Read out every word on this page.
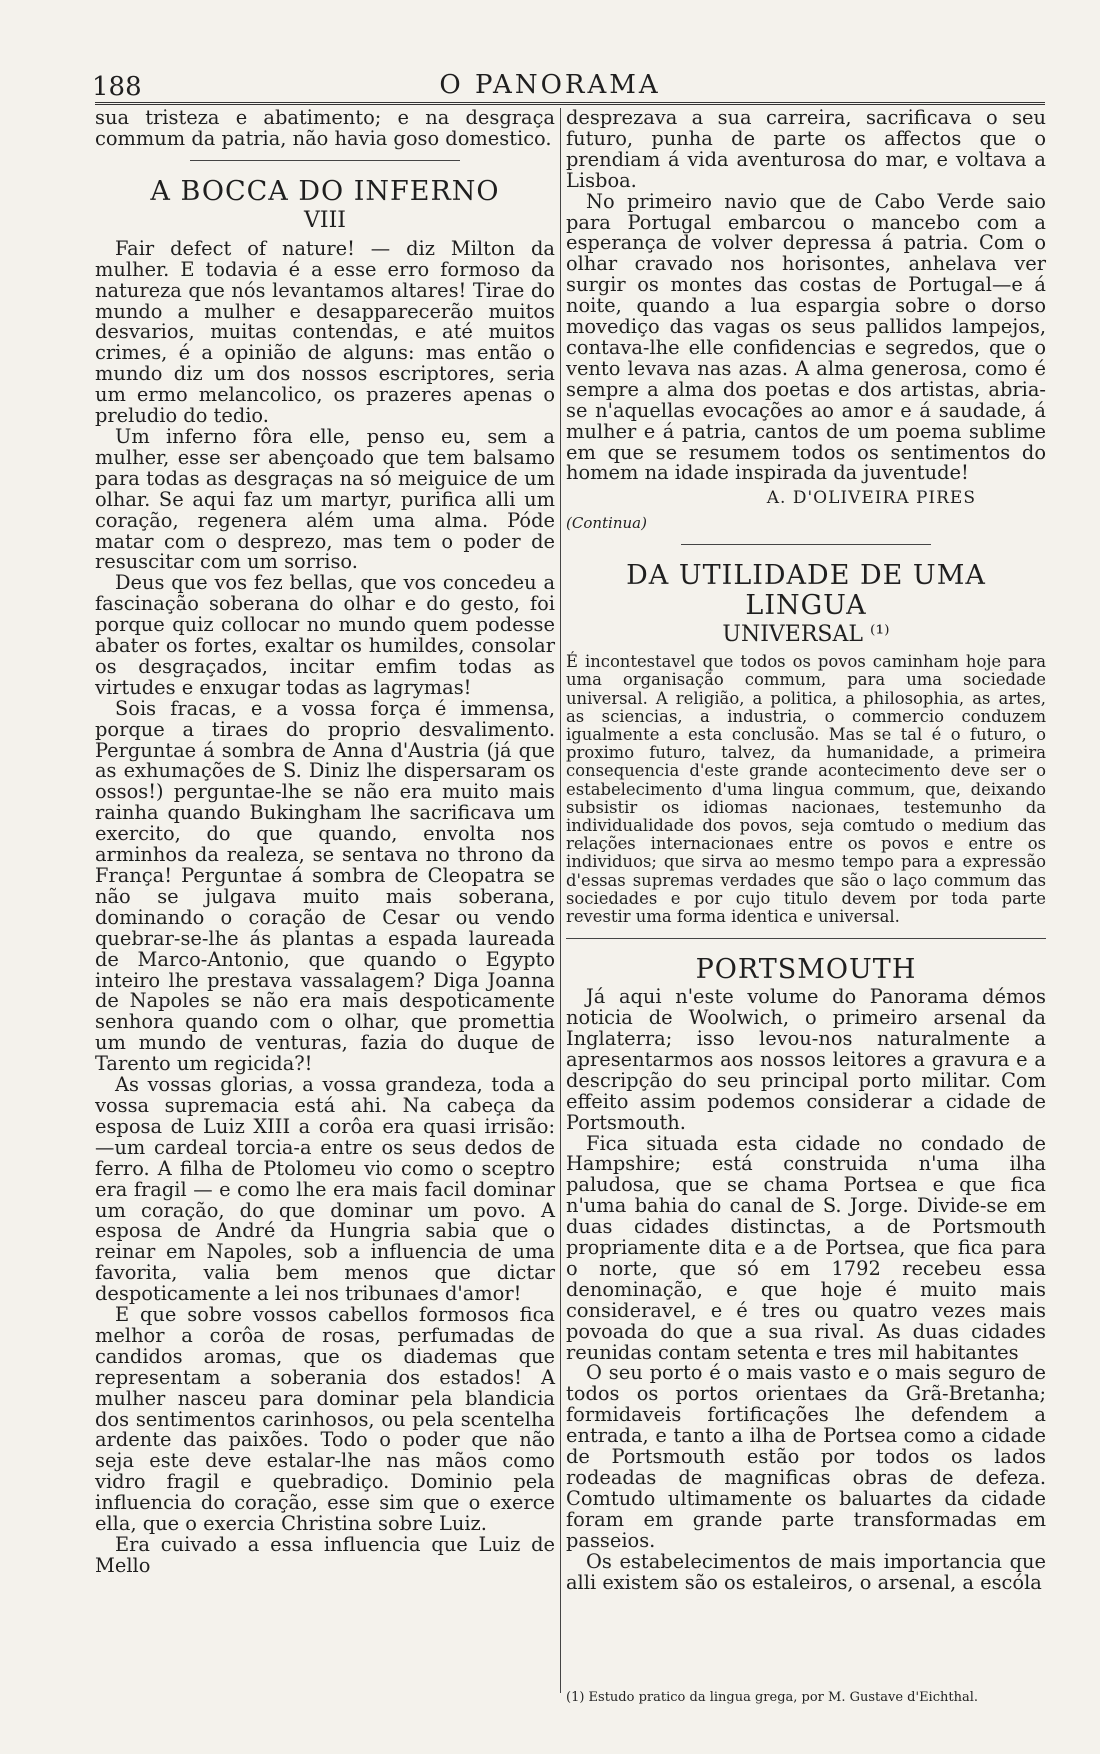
188	O PANORAMA

sua tristeza e abatimento; e na desgraça commum da patria, não havia goso domestico.

A BOCCA DO INFERNO
VIII

Fair defect of nature! — diz Milton da mulher. E todavia é a esse erro formoso da natureza que nós levantamos altares! Tirae do mundo a mulher e desapparecerão muitos desvarios, muitas contendas, e até muitos crimes, é a opinião de alguns: mas então o mundo diz um dos nossos escriptores, seria um ermo melancolico, os prazeres apenas o preludio do tedio.

Um inferno fôra elle, penso eu, sem a mulher, esse ser abençoado que tem balsamo para todas as desgraças na só meiguice de um olhar. Se aqui faz um martyr, purifica alli um coração, regenera além uma alma. Póde matar com o desprezo, mas tem o poder de resuscitar com um sorriso.

Deus que vos fez bellas, que vos concedeu a fascinação soberana do olhar e do gesto, foi porque quiz collocar no mundo quem podesse abater os fortes, exaltar os humildes, consolar os desgraçados, incitar emfim todas as virtudes e enxugar todas as lagrymas!

Sois fracas, e a vossa força é immensa, porque a tiraes do proprio desvalimento. Perguntae á sombra de Anna d'Austria (já que as exhumações de S. Diniz lhe dispersaram os ossos!) perguntae-lhe se não era muito mais rainha quando Bukingham lhe sacrificava um exercito, do que quando, envolta nos arminhos da realeza, se sentava no throno da França! Perguntae á sombra de Cleopatra se não se julgava muito mais soberana, dominando o coração de Cesar ou vendo quebrar-se-lhe ás plantas a espada laureada de Marco-Antonio, que quando o Egypto inteiro lhe prestava vassalagem? Diga Joanna de Napoles se não era mais despoticamente senhora quando com o olhar, que promettia um mundo de venturas, fazia do duque de Tarento um regicida?!

As vossas glorias, a vossa grandeza, toda a vossa supremacia está ahi. Na cabeça da esposa de Luiz XIII a corôa era quasi irrisão:—um cardeal torcia-a entre os seus dedos de ferro. A filha de Ptolomeu vio como o sceptro era fragil — e como lhe era mais facil dominar um coração, do que dominar um povo. A esposa de André da Hungria sabia que o reinar em Napoles, sob a influencia de uma favorita, valia bem menos que dictar despoticamente a lei nos tribunaes d'amor!

E que sobre vossos cabellos formosos fica melhor a corôa de rosas, perfumadas de candidos aromas, que os diademas que representam a soberania dos estados! A mulher nasceu para dominar pela blandicia dos sentimentos carinhosos, ou pela scentelha ardente das paixões. Todo o poder que não seja este deve estalar-lhe nas mãos como vidro fragil e quebradiço. Dominio pela influencia do coração, esse sim que o exerce ella, que o exercia Christina sobre Luiz.

Era cuivado a essa influencia que Luiz de Mello

desprezava a sua carreira, sacrificava o seu futuro, punha de parte os affectos que o prendiam á vida aventurosa do mar, e voltava a Lisboa.

No primeiro navio que de Cabo Verde saio para Portugal embarcou o mancebo com a esperança de volver depressa á patria. Com o olhar cravado nos horisontes, anhelava ver surgir os montes das costas de Portugal—e á noite, quando a lua espargia sobre o dorso movediço das vagas os seus pallidos lampejos, contava-lhe elle confidencias e segredos, que o vento levava nas azas. A alma generosa, como é sempre a alma dos poetas e dos artistas, abria-se n'aquellas evocações ao amor e á saudade, á mulher e á patria, cantos de um poema sublime em que se resumem todos os sentimentos do homem na idade inspirada da juventude!

A. D'OLIVEIRA PIRES
(Continua)
DA UTILIDADE DE UMA LINGUA
UNIVERSAL ⁽¹⁾

É incontestavel que todos os povos caminham hoje para uma organisação commum, para uma sociedade universal. A religião, a politica, a philosophia, as artes, as sciencias, a industria, o commercio conduzem igualmente a esta conclusão. Mas se tal é o futuro, o proximo futuro, talvez, da humanidade, a primeira consequencia d'este grande acontecimento deve ser o estabelecimento d'uma lingua commum, que, deixando subsistir os idiomas nacionaes, testemunho da individualidade dos povos, seja comtudo o medium das relações internacionaes entre os povos e entre os individuos; que sirva ao mesmo tempo para a expressão d'essas supremas verdades que são o laço commum das sociedades e por cujo titulo devem por toda parte revestir uma forma identica e universal.

PORTSMOUTH

Já aqui n'este volume do Panorama démos noticia de Woolwich, o primeiro arsenal da Inglaterra; isso levou-nos naturalmente a apresentarmos aos nossos leitores a gravura e a descripção do seu principal porto militar. Com effeito assim podemos considerar a cidade de Portsmouth.

Fica situada esta cidade no condado de Hampshire; está construida n'uma ilha paludosa, que se chama Portsea e que fica n'uma bahia do canal de S. Jorge. Divide-se em duas cidades distinctas, a de Portsmouth propriamente dita e a de Portsea, que fica para o norte, que só em 1792 recebeu essa denominação, e que hoje é muito mais consideravel, e é tres ou quatro vezes mais povoada do que a sua rival. As duas cidades reunidas contam setenta e tres mil habitantes

O seu porto é o mais vasto e o mais seguro de todos os portos orientaes da Grã-Bretanha; formidaveis fortificações lhe defendem a entrada, e tanto a ilha de Portsea como a cidade de Portsmouth estão por todos os lados rodeadas de magnificas obras de defeza. Comtudo ultimamente os baluartes da cidade foram em grande parte transformadas em passeios.

Os estabelecimentos de mais importancia que alli existem são os estaleiros, o arsenal, a escóla

(1) Estudo pratico da lingua grega, por M. Gustave d'Eichthal.
